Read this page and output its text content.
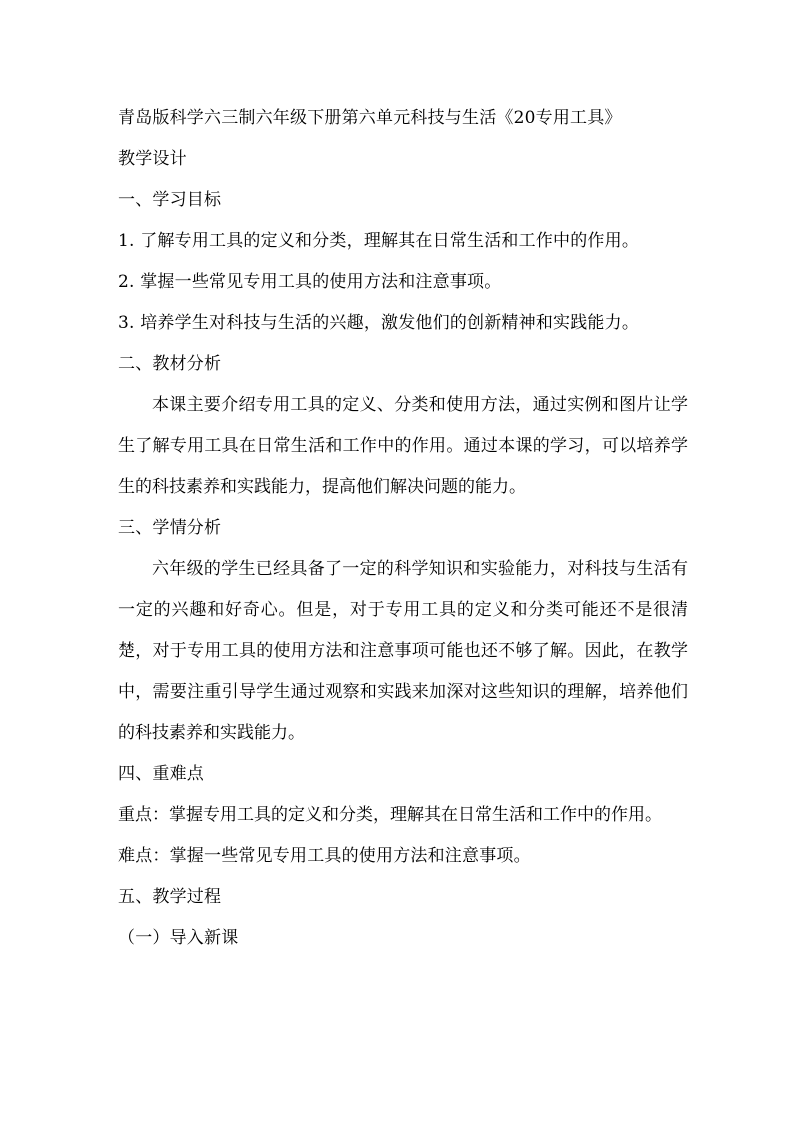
青岛版科学六三制六年级下册第六单元科技与生活《20专用工具》
教学设计
一、学习目标
1. 了解专用工具的定义和分类，理解其在日常生活和工作中的作用。
2. 掌握一些常见专用工具的使用方法和注意事项。
3. 培养学生对科技与生活的兴趣，激发他们的创新精神和实践能力。
二、教材分析

本课主要介绍专用工具的定义、分类和使用方法，通过实例和图片让学生了解专用工具在日常生活和工作中的作用。通过本课的学习，可以培养学生的科技素养和实践能力，提高他们解决问题的能力。

三、学情分析

六年级的学生已经具备了一定的科学知识和实验能力，对科技与生活有一定的兴趣和好奇心。但是，对于专用工具的定义和分类可能还不是很清楚，对于专用工具的使用方法和注意事项可能也还不够了解。因此，在教学中，需要注重引导学生通过观察和实践来加深对这些知识的理解，培养他们的科技素养和实践能力。

四、重难点

重点：掌握专用工具的定义和分类，理解其在日常生活和工作中的作用。

难点：掌握一些常见专用工具的使用方法和注意事项。
五、教学过程
（一）导入新课
